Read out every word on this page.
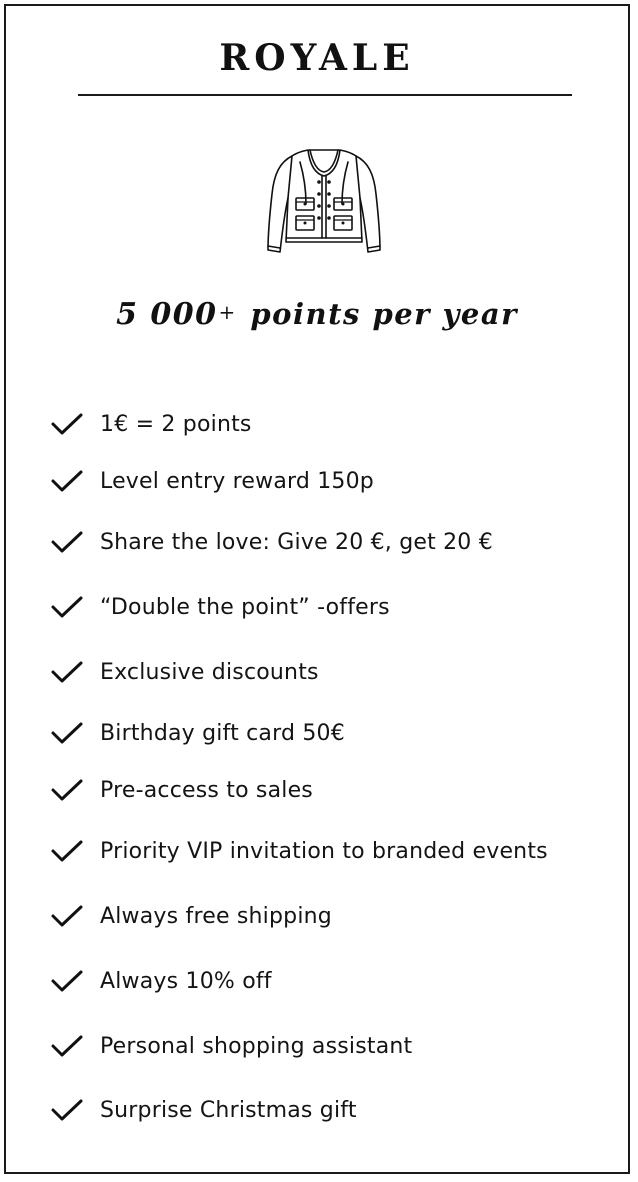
ROYALE
5 000+ points per year
1€ = 2 points
Level entry reward 150p
Share the love: Give 20 €, get 20 €
“Double the point” -offers
Exclusive discounts
Birthday gift card 50€
Pre-access to sales
Priority VIP invitation to branded events
Always free shipping
Always 10% off
Personal shopping assistant
Surprise Christmas gift
